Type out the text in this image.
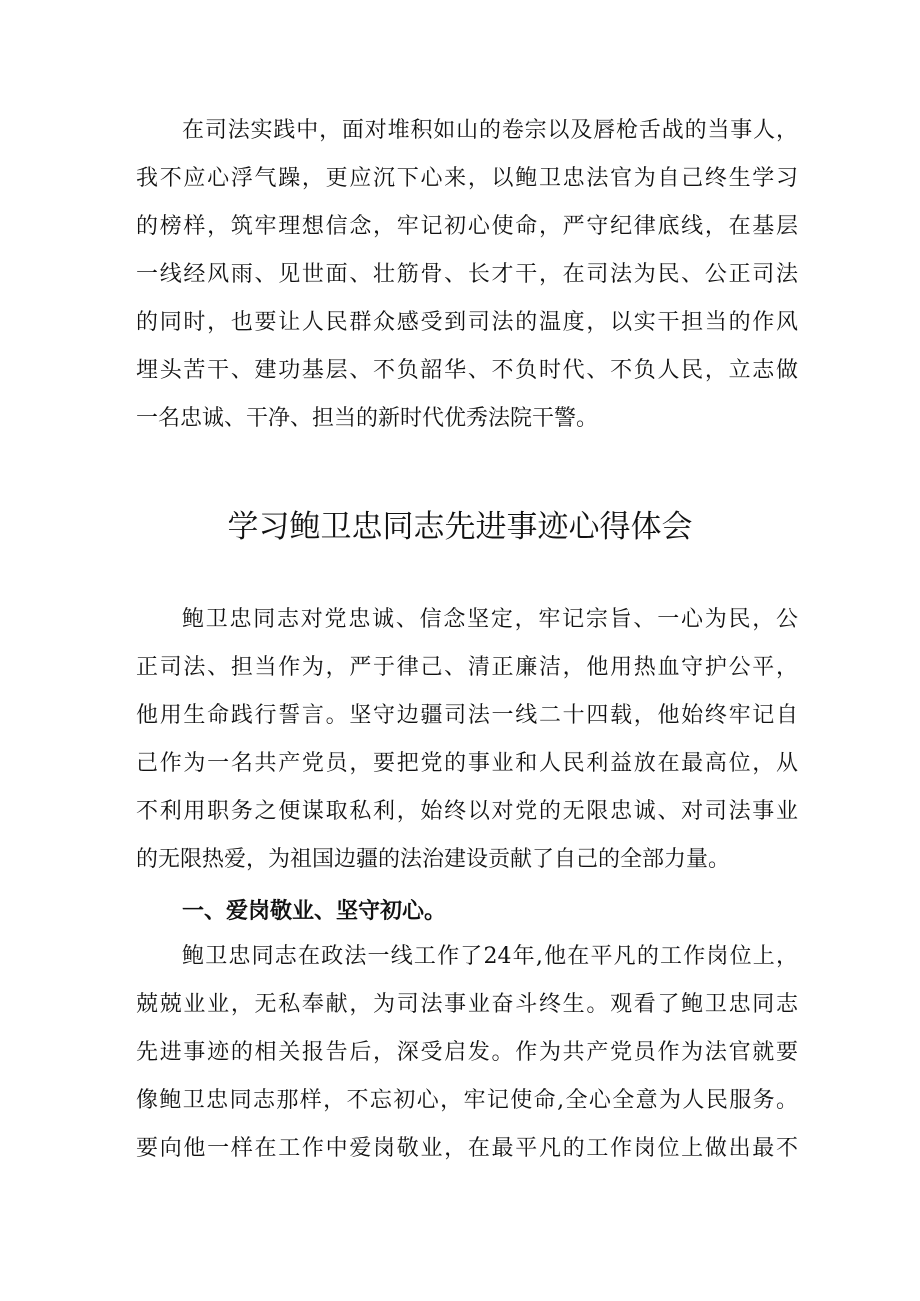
在司法实践中，面对堆积如山的卷宗以及唇枪舌战的当事人，
我不应心浮气躁，更应沉下心来，以鲍卫忠法官为自己终生学习
的榜样，筑牢理想信念，牢记初心使命，严守纪律底线，在基层
一线经风雨、见世面、壮筋骨、长才干，在司法为民、公正司法
的同时，也要让人民群众感受到司法的温度，以实干担当的作风
埋头苦干、建功基层、不负韶华、不负时代、不负人民，立志做
一名忠诚、干净、担当的新时代优秀法院干警。
学习鲍卫忠同志先进事迹心得体会
鲍卫忠同志对党忠诚、信念坚定，牢记宗旨、一心为民，公
正司法、担当作为，严于律己、清正廉洁，他用热血守护公平，
他用生命践行誓言。坚守边疆司法一线二十四载，他始终牢记自
己作为一名共产党员，要把党的事业和人民利益放在最高位，从
不利用职务之便谋取私利，始终以对党的无限忠诚、对司法事业
的无限热爱，为祖国边疆的法治建设贡献了自己的全部力量。
一、爱岗敬业、坚守初心。
鲍卫忠同志在政法一线工作了24年,他在平凡的工作岗位上，
兢兢业业，无私奉献，为司法事业奋斗终生。观看了鲍卫忠同志
先进事迹的相关报告后，深受启发。作为共产党员作为法官就要
像鲍卫忠同志那样，不忘初心，牢记使命,全心全意为人民服务。
要向他一样在工作中爱岗敬业，在最平凡的工作岗位上做出最不
